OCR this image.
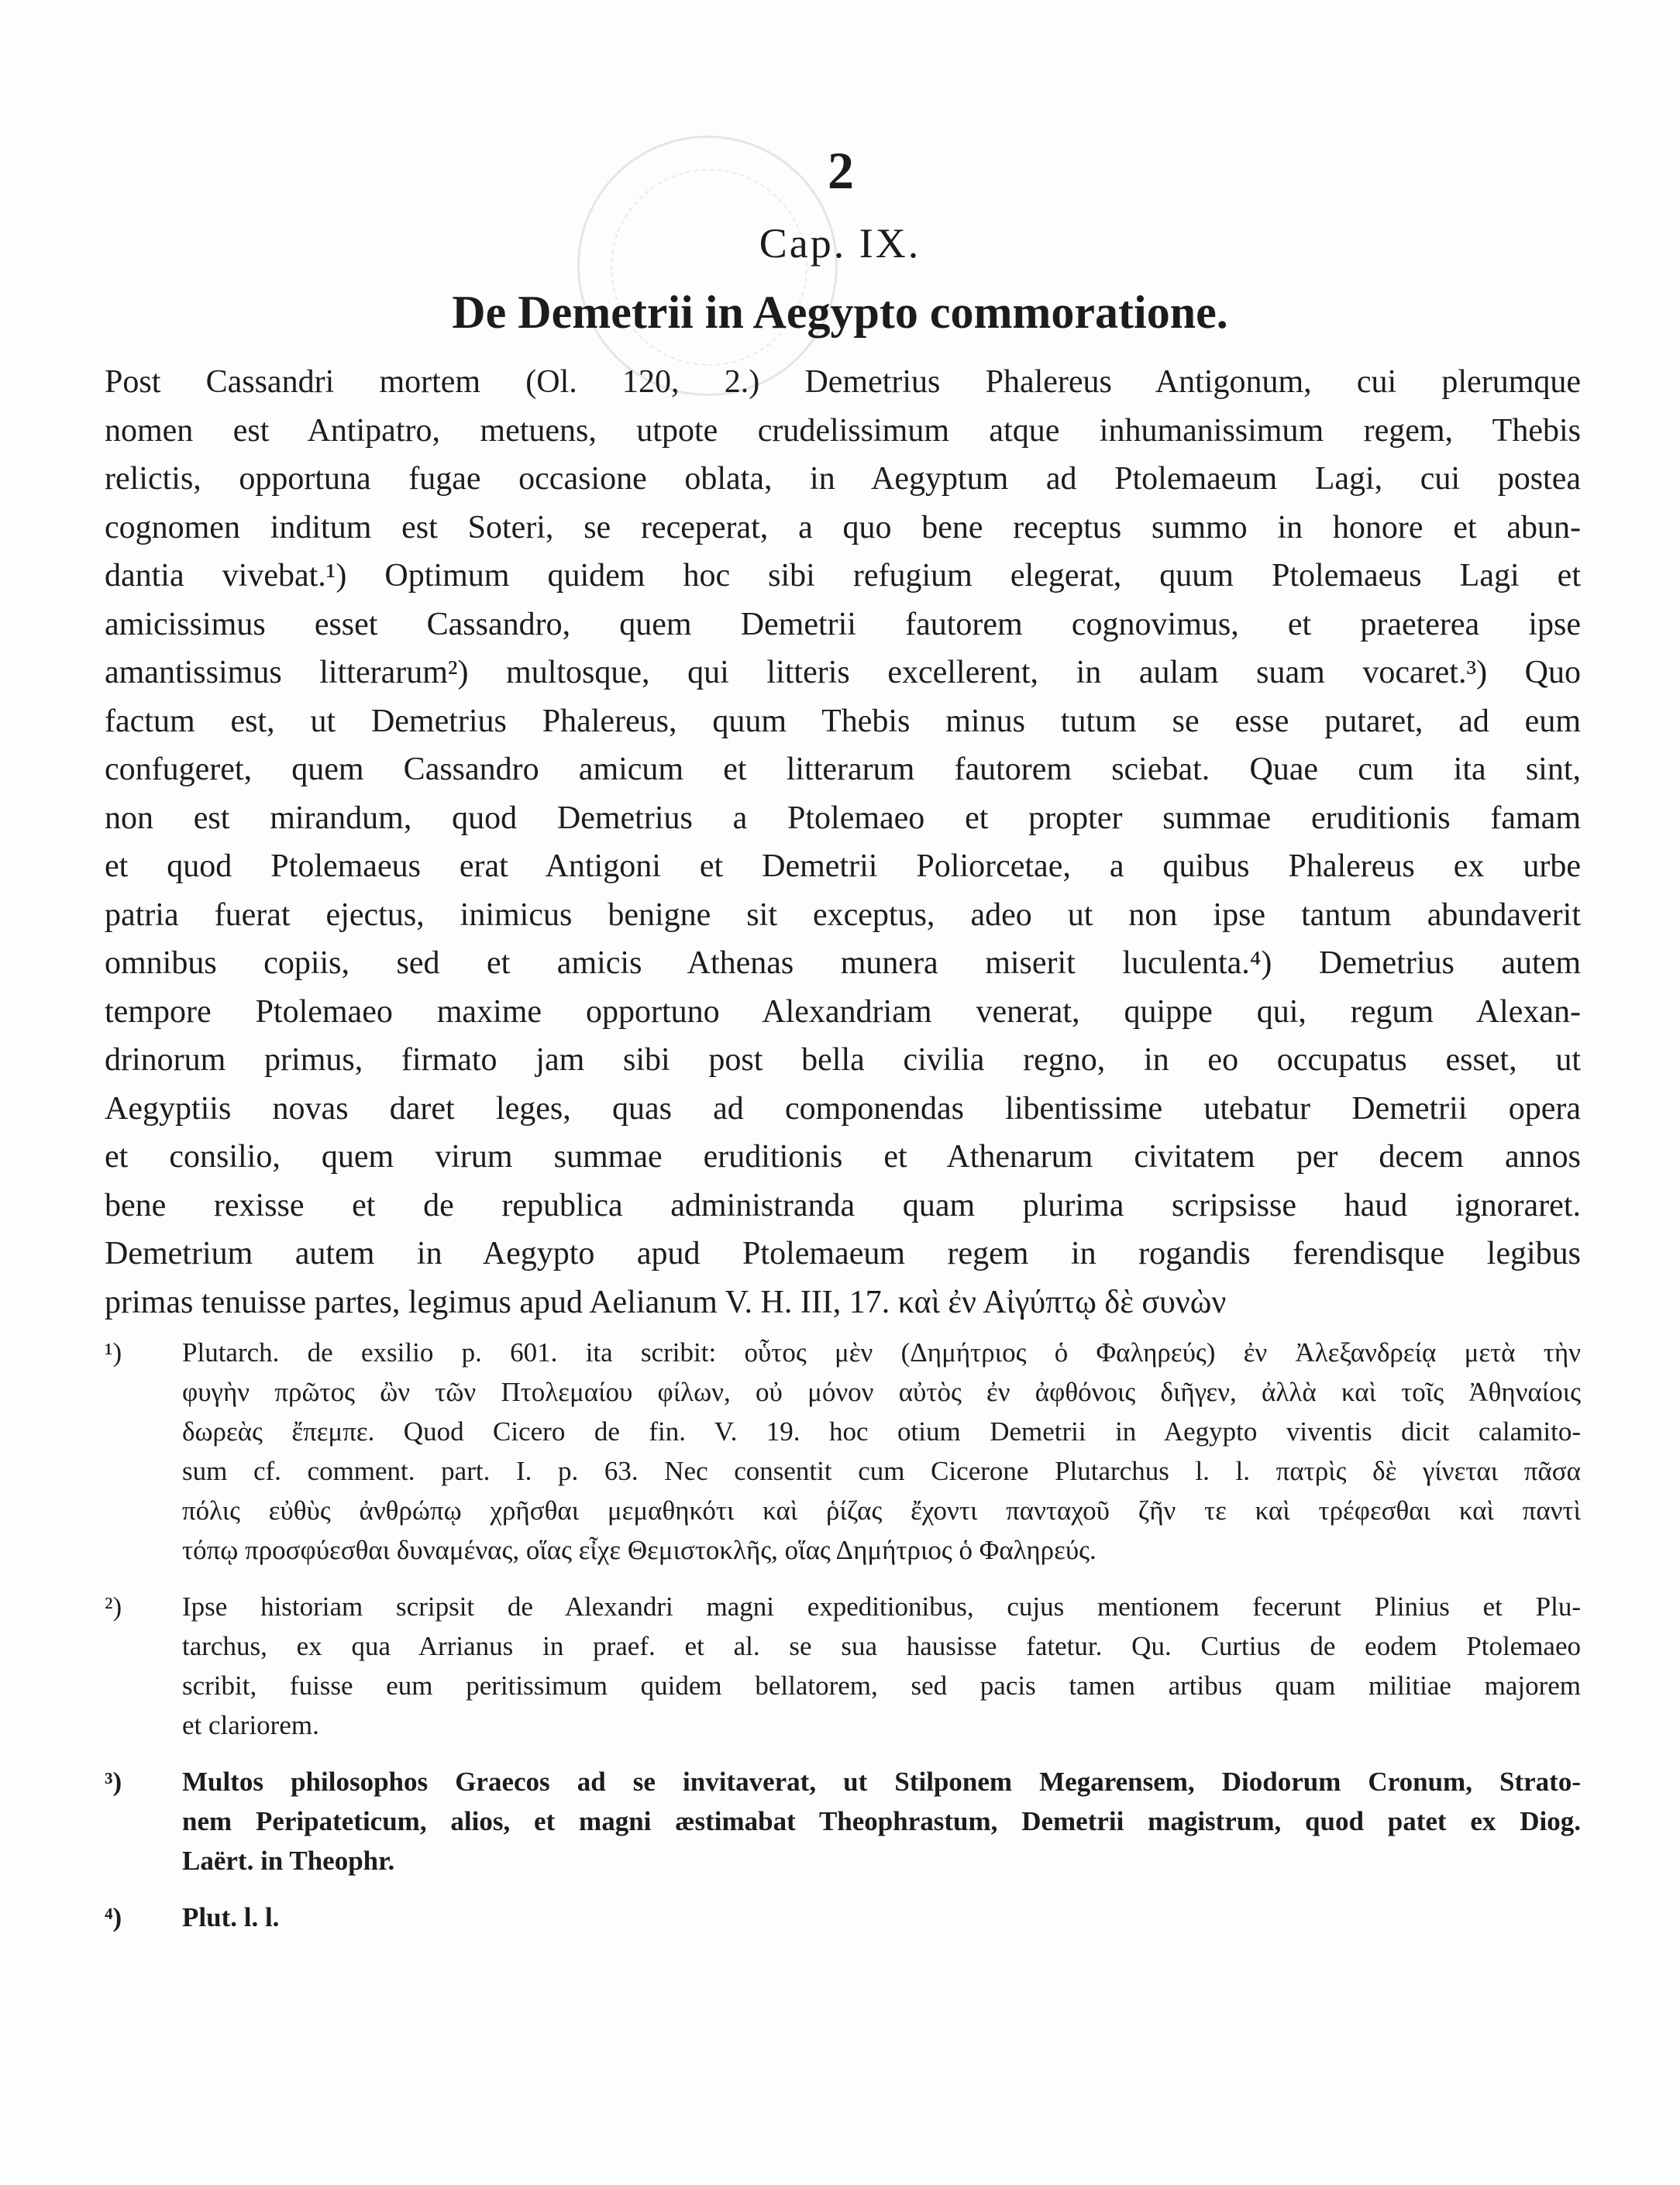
2
Cap. IX.
De Demetrii in Aegypto commoratione.
Post Cassandri mortem (Ol. 120, 2.) Demetrius Phalereus Antigonum, cui plerumque
nomen est Antipatro, metuens, utpote crudelissimum atque inhumanissimum regem, Thebis
relictis, opportuna fugae occasione oblata, in Aegyptum ad Ptolemaeum Lagi, cui postea
cognomen inditum est Soteri, se receperat, a quo bene receptus summo in honore et abun-
dantia vivebat.¹) Optimum quidem hoc sibi refugium elegerat, quum Ptolemaeus Lagi et
amicissimus esset Cassandro, quem Demetrii fautorem cognovimus, et praeterea ipse
amantissimus litterarum²) multosque, qui litteris excellerent, in aulam suam vocaret.³) Quo
factum est, ut Demetrius Phalereus, quum Thebis minus tutum se esse putaret, ad eum
confugeret, quem Cassandro amicum et litterarum fautorem sciebat. Quae cum ita sint,
non est mirandum, quod Demetrius a Ptolemaeo et propter summae eruditionis famam
et quod Ptolemaeus erat Antigoni et Demetrii Poliorcetae, a quibus Phalereus ex urbe
patria fuerat ejectus, inimicus benigne sit exceptus, adeo ut non ipse tantum abundaverit
omnibus copiis, sed et amicis Athenas munera miserit luculenta.⁴) Demetrius autem
tempore Ptolemaeo maxime opportuno Alexandriam venerat, quippe qui, regum Alexan-
drinorum primus, firmato jam sibi post bella civilia regno, in eo occupatus esset, ut
Aegyptiis novas daret leges, quas ad componendas libentissime utebatur Demetrii opera
et consilio, quem virum summae eruditionis et Athenarum civitatem per decem annos
bene rexisse et de republica administranda quam plurima scripsisse haud ignoraret.
Demetrium autem in Aegypto apud Ptolemaeum regem in rogandis ferendisque legibus
primas tenuisse partes, legimus apud Aelianum V. H. III, 17. καὶ ἐν Αἰγύπτῳ δὲ συνὼν
¹)	Plutarch. de exsilio p. 601. ita scribit: οὗτος μὲν (Δημήτριος ὁ Φαληρεύς) ἐν Ἀλεξανδρείᾳ μετὰ τὴν
φυγὴν πρῶτος ὢν τῶν Πτολεμαίου φίλων, οὐ μόνον αὐτὸς ἐν ἀφθόνοις διῆγεν, ἀλλὰ καὶ τοῖς Ἀθηναίοις
δωρεὰς ἔπεμπε. Quod Cicero de fin. V. 19. hoc otium Demetrii in Aegypto viventis dicit calamito-
sum cf. comment. part. I. p. 63. Nec consentit cum Cicerone Plutarchus l. l. πατρὶς δὲ γίνεται πᾶσα
πόλις εὐθὺς ἀνθρώπῳ χρῆσθαι μεμαθηκότι καὶ ῥίζας ἔχοντι πανταχοῦ ζῆν τε καὶ τρέφεσθαι καὶ παντὶ
τόπῳ προσφύεσθαι δυναμένας, οἵας εἶχε Θεμιστοκλῆς, οἵας Δημήτριος ὁ Φαληρεύς.
²)	Ipse historiam scripsit de Alexandri magni expeditionibus, cujus mentionem fecerunt Plinius et Plu-
tarchus, ex qua Arrianus in praef. et al. se sua hausisse fatetur. Qu. Curtius de eodem Ptolemaeo
scribit, fuisse eum peritissimum quidem bellatorem, sed pacis tamen artibus quam militiae majorem
et clariorem.
³)	Multos philosophos Graecos ad se invitaverat, ut Stilponem Megarensem, Diodorum Cronum, Strato-
nem Peripateticum, alios, et magni æstimabat Theophrastum, Demetrii magistrum, quod patet ex Diog.
Laërt. in Theophr.
⁴)	Plut. l. l.
